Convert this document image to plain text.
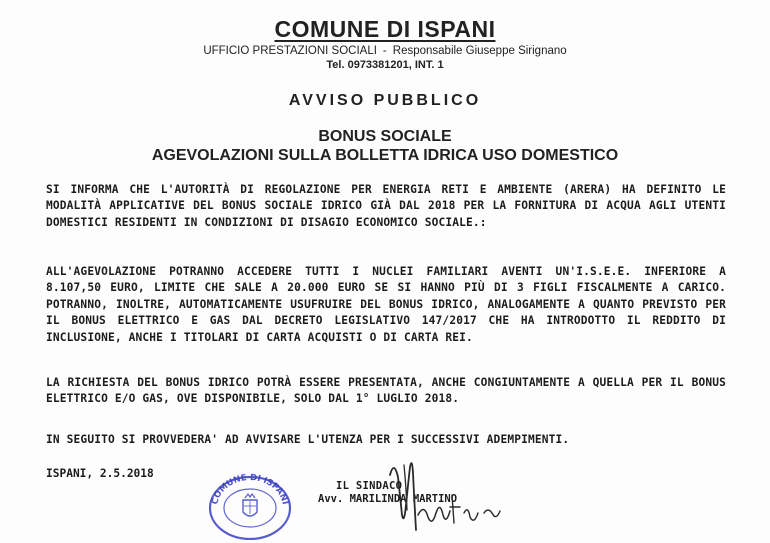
COMUNE DI ISPANI
UFFICIO PRESTAZIONI SOCIALI - Responsabile Giuseppe Sirignano
Tel. 0973381201, INT. 1
AVVISO PUBBLICO
BONUS SOCIALE
AGEVOLAZIONI SULLA BOLLETTA IDRICA USO DOMESTICO
SI INFORMA CHE L'AUTORITÀ DI REGOLAZIONE PER ENERGIA RETI E AMBIENTE (ARERA) HA DEFINITO LE MODALITÀ APPLICATIVE DEL BONUS SOCIALE IDRICO GIÀ DAL 2018 PER LA FORNITURA DI ACQUA AGLI UTENTI DOMESTICI RESIDENTI IN CONDIZIONI DI DISAGIO ECONOMICO SOCIALE.:
ALL'AGEVOLAZIONE POTRANNO ACCEDERE TUTTI I NUCLEI FAMILIARI AVENTI UN'I.S.E.E. INFERIORE A 8.107,50 EURO, LIMITE CHE SALE A 20.000 EURO SE SI HANNO PIÙ DI 3 FIGLI FISCALMENTE A CARICO. POTRANNO, INOLTRE, AUTOMATICAMENTE USUFRUIRE DEL BONUS IDRICO, ANALOGAMENTE A QUANTO PREVISTO PER IL BONUS ELETTRICO E GAS DAL DECRETO LEGISLATIVO 147/2017 CHE HA INTRODOTTO IL REDDITO DI INCLUSIONE, ANCHE I TITOLARI DI CARTA ACQUISTI O DI CARTA REI.
LA RICHIESTA DEL BONUS IDRICO POTRÀ ESSERE PRESENTATA, ANCHE CONGIUNTAMENTE A QUELLA PER IL BONUS ELETTRICO E/O GAS, OVE DISPONIBILE, SOLO DAL 1° LUGLIO 2018.
IN SEGUITO SI PROVVEDERA' AD AVVISARE L'UTENZA PER I SUCCESSIVI ADEMPIMENTI.
ISPANI, 2.5.2018
COMUNE DI ISPANI
IL SINDACO
Avv. MARILINDA MARTINO
